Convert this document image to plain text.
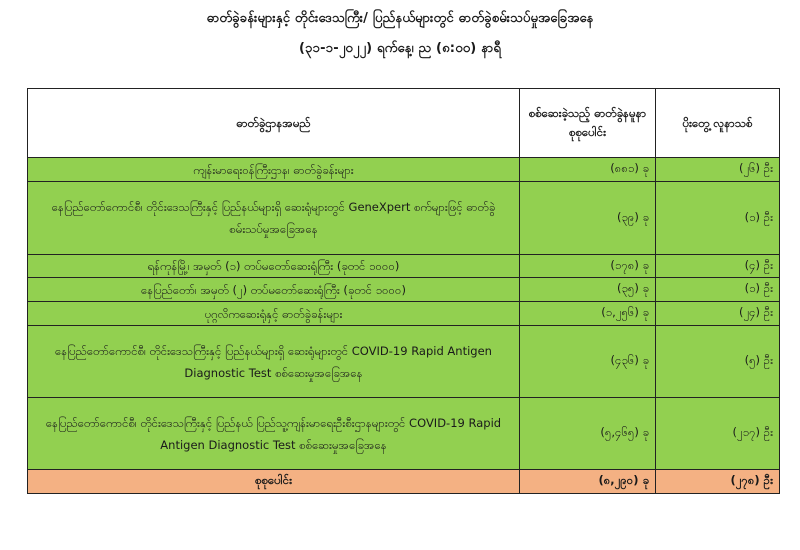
ဓာတ်ခွဲခန်းများနှင့် တိုင်းဒေသကြီး/ ပြည်နယ်များတွင် ဓာတ်ခွဲစမ်းသပ်မှုအခြေအနေ
(၃၁-၁-၂၀၂၂) ရက်နေ့၊ ည (၈:၀၀) နာရီ
ဓာတ်ခွဲဌာနအမည်	စစ်ဆေးခဲ့သည့် ဓာတ်ခွဲနမူနာ စုစုပေါင်း	ပိုးတွေ့ လူနာသစ်
ကျန်းမာရေးဝန်ကြီးဌာန၊ ဓာတ်ခွဲခန်းများ	(၈၈၁) ခု	(၂၆) ဦး
နေပြည်တော်ကောင်စီ၊ တိုင်းဒေသကြီးနှင့် ပြည်နယ်များရှိ ဆေးရုံများတွင် GeneXpert စက်များဖြင့် ဓာတ်ခွဲစမ်းသပ်မှုအခြေအနေ	(၃၉) ခု	(၁) ဦး
ရန်ကုန်မြို့၊ အမှတ် (၁) တပ်မတော်ဆေးရုံကြီး (ခုတင် ၁၀၀၀)	(၁၇၈) ခု	(၄) ဦး
နေပြည်တော်၊ အမှတ် (၂) တပ်မတော်ဆေးရုံကြီး (ခုတင် ၁၀၀၀)	(၃၅) ခု	(၁) ဦး
ပုဂ္ဂလိကဆေးရုံနှင့် ဓာတ်ခွဲခန်းများ	(၁,၂၅၆) ခု	(၂၄) ဦး
နေပြည်တော်ကောင်စီ၊ တိုင်းဒေသကြီးနှင့် ပြည်နယ်များရှိ ဆေးရုံများတွင် COVID-19 Rapid Antigen Diagnostic Test စစ်ဆေးမှုအခြေအနေ	(၄၃၆) ခု	(၅) ဦး
နေပြည်တော်ကောင်စီ၊ တိုင်းဒေသကြီးနှင့် ပြည်နယ် ပြည်သူ့ကျန်းမာရေးဦးစီးဌာနများတွင် COVID-19 Rapid Antigen Diagnostic Test စစ်ဆေးမှုအခြေအနေ	(၅,၄၆၅) ခု	(၂၁၇) ဦး
စုစုပေါင်း	(၈,၂၉၀) ခု	(၂၇၈) ဦး
